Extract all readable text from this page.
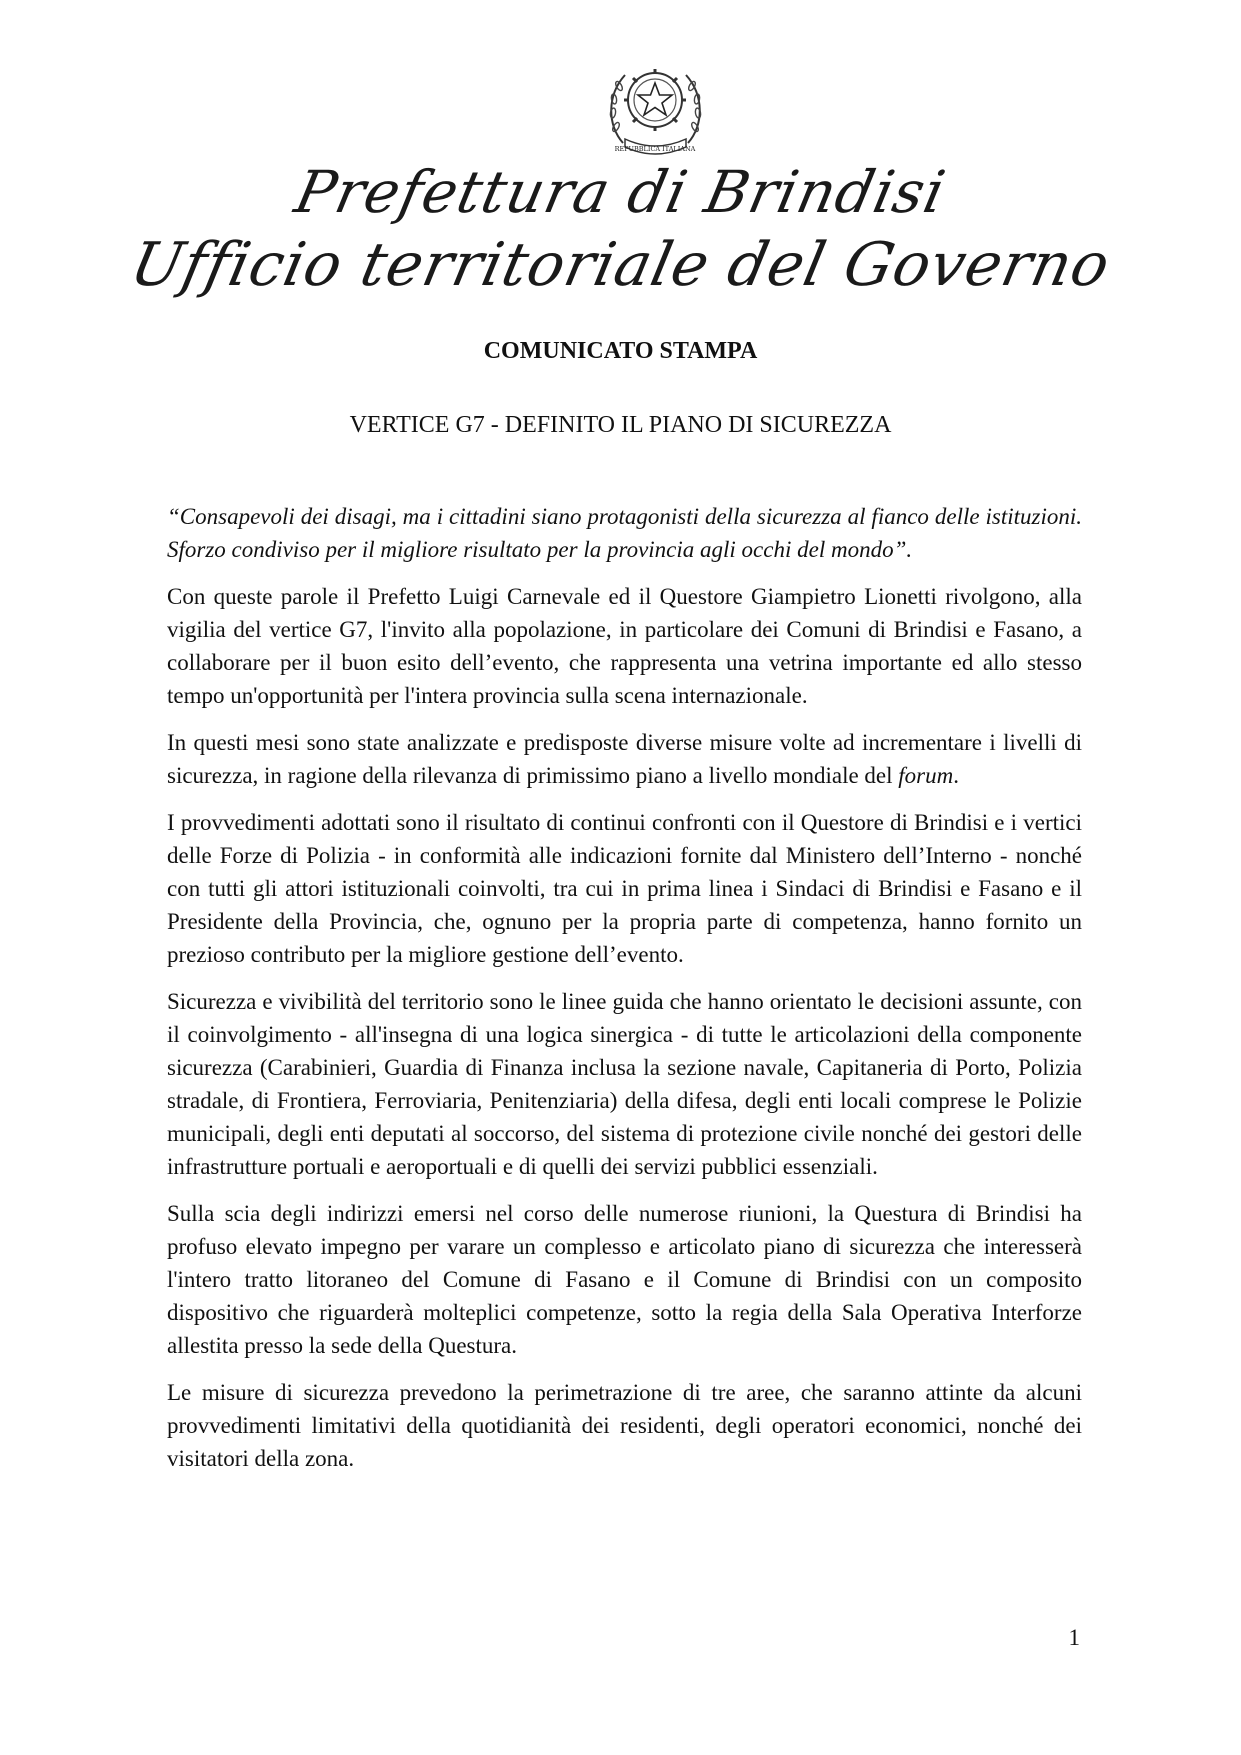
REPUBBLICA ITALIANA
Prefettura di Brindisi
Ufficio territoriale del Governo
COMUNICATO STAMPA
VERTICE G7 - DEFINITO IL PIANO DI SICUREZZA

“Consapevoli dei disagi, ma i cittadini siano protagonisti della sicurezza al fianco delle istituzioni. Sforzo condiviso per il migliore risultato per la provincia agli occhi del mondo”.

Con queste parole il Prefetto Luigi Carnevale ed il Questore Giampietro Lionetti rivolgono, alla vigilia del vertice G7, l'invito alla popolazione, in particolare dei Comuni di Brindisi e Fasano, a collaborare per il buon esito dell’evento, che rappresenta una vetrina importante ed allo stesso tempo un'opportunità per l'intera provincia sulla scena internazionale.

In questi mesi sono state analizzate e predisposte diverse misure volte ad incrementare i livelli di sicurezza, in ragione della rilevanza di primissimo piano a livello mondiale del forum.

I provvedimenti adottati sono il risultato di continui confronti con il Questore di Brindisi e i vertici delle Forze di Polizia - in conformità alle indicazioni fornite dal Ministero dell’Interno - nonché con tutti gli attori istituzionali coinvolti, tra cui in prima linea i Sindaci di Brindisi e Fasano e il Presidente della Provincia, che, ognuno per la propria parte di competenza, hanno fornito un prezioso contributo per la migliore gestione dell’evento.

Sicurezza e vivibilità del territorio sono le linee guida che hanno orientato le decisioni assunte, con il coinvolgimento - all'insegna di una logica sinergica - di tutte le articolazioni della componente sicurezza (Carabinieri, Guardia di Finanza inclusa la sezione navale, Capitaneria di Porto, Polizia stradale, di Frontiera, Ferroviaria, Penitenziaria) della difesa, degli enti locali comprese le Polizie municipali, degli enti deputati al soccorso, del sistema di protezione civile nonché dei gestori delle infrastrutture portuali e aeroportuali e di quelli dei servizi pubblici essenziali.

Sulla scia degli indirizzi emersi nel corso delle numerose riunioni, la Questura di Brindisi ha profuso elevato impegno per varare un complesso e articolato piano di sicurezza che interesserà l'intero tratto litoraneo del Comune di Fasano e il Comune di Brindisi con un composito dispositivo che riguarderà molteplici competenze, sotto la regia della Sala Operativa Interforze allestita presso la sede della Questura.

Le misure di sicurezza prevedono la perimetrazione di tre aree, che saranno attinte da alcuni provvedimenti limitativi della quotidianità dei residenti, degli operatori economici, nonché dei visitatori della zona.

1
